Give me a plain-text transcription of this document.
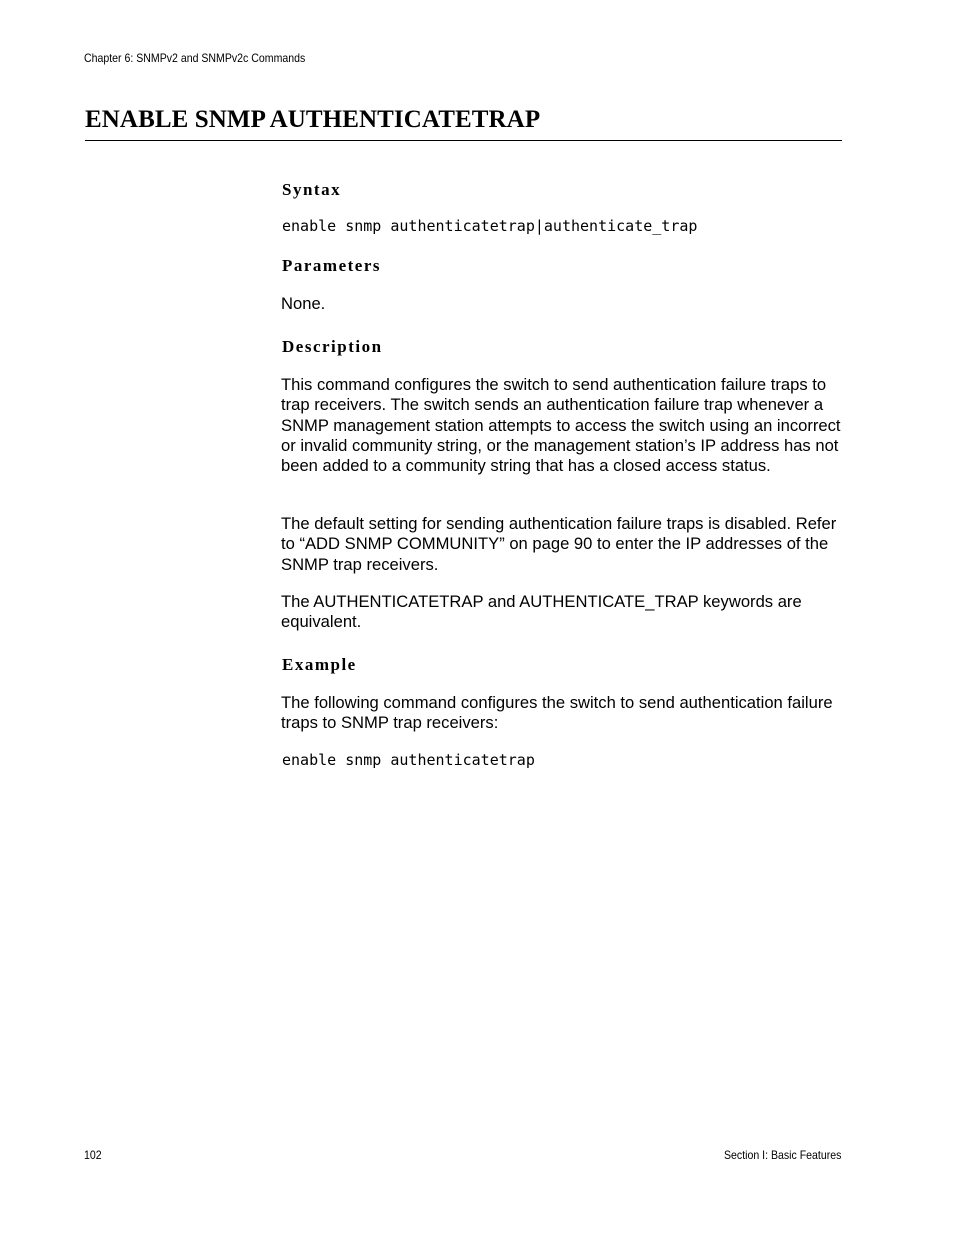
Chapter 6: SNMPv2 and SNMPv2c Commands
ENABLE SNMP AUTHENTICATETRAP
Syntax
enable snmp authenticatetrap|authenticate_trap
Parameters

None.

Description

This command configures the switch to send authentication failure traps to trap receivers. The switch sends an authentication failure trap whenever a SNMP management station attempts to access the switch using an incorrect or invalid community string, or the management station’s IP address has not been added to a community string that has a closed access status.

The default setting for sending authentication failure traps is disabled. Refer to “ADD SNMP COMMUNITY” on page 90 to enter the IP addresses of the SNMP trap receivers.

The AUTHENTICATETRAP and AUTHENTICATE_TRAP keywords are equivalent.

Example

The following command configures the switch to send authentication failure traps to SNMP trap receivers:

enable snmp authenticatetrap
102	Section I: Basic Features
